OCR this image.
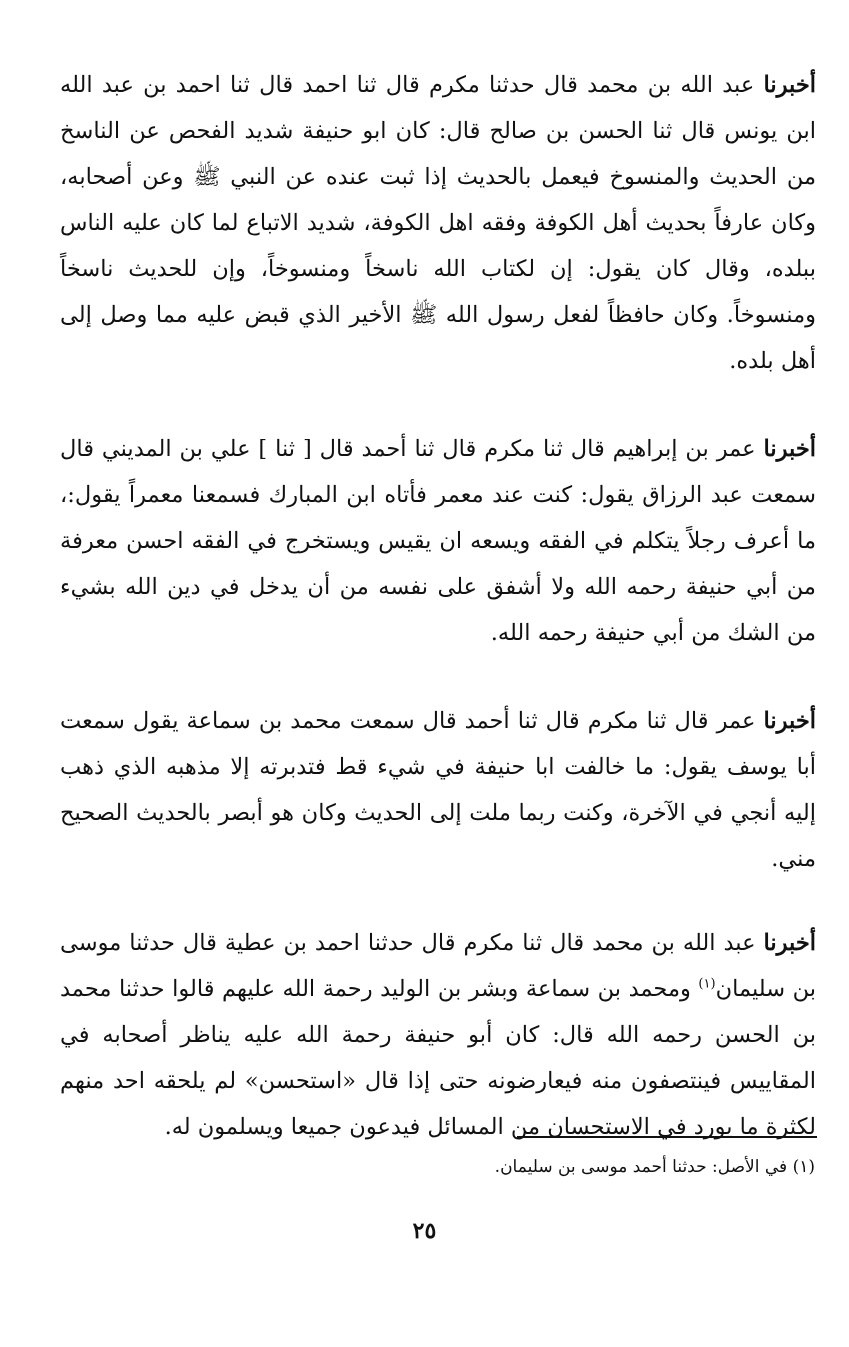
أخبرنا عبد الله بن محمد قال حدثنا مكرم قال ثنا احمد قال ثنا احمد بن عبد الله ابن يونس قال ثنا الحسن بن صالح قال: كان ابو حنيفة شديد الفحص عن الناسخ من الحديث والمنسوخ فيعمل بالحديث إذا ثبت عنده عن النبي ﷺ وعن أصحابه، وكان عارفاً بحديث أهل الكوفة وفقه اهل الكوفة، شديد الاتباع لما كان عليه الناس ببلده، وقال كان يقول: إن لكتاب الله ناسخاً ومنسوخاً، وإن للحديث ناسخاً ومنسوخاً. وكان حافظاً لفعل رسول الله ﷺ الأخير الذي قبض عليه مما وصل إلى أهل بلده.

أخبرنا عمر بن إبراهيم قال ثنا مكرم قال ثنا أحمد قال [ ثنا ] علي بن المديني قال سمعت عبد الرزاق يقول: كنت عند معمر فأتاه ابن المبارك فسمعنا معمراً يقول:، ما أعرف رجلاً يتكلم في الفقه ويسعه ان يقيس ويستخرج في الفقه احسن معرفة من أبي حنيفة رحمه الله ولا أشفق على نفسه من أن يدخل في دين الله بشيء من الشك من أبي حنيفة رحمه الله.

أخبرنا عمر قال ثنا مكرم قال ثنا أحمد قال سمعت محمد بن سماعة يقول سمعت أبا يوسف يقول: ما خالفت ابا حنيفة في شيء قط فتدبرته إلا مذهبه الذي ذهب إليه أنجي في الآخرة، وكنت ربما ملت إلى الحديث وكان هو أبصر بالحديث الصحيح مني.

أخبرنا عبد الله بن محمد قال ثنا مكرم قال حدثنا احمد بن عطية قال حدثنا موسى بن سليمان$^{(١)}$ ومحمد بن سماعة وبشر بن الوليد رحمة الله عليهم قالوا حدثنا محمد بن الحسن رحمه الله قال: كان أبو حنيفة رحمة الله عليه يناظر أصحابه في المقاييس فينتصفون منه فيعارضونه حتى إذا قال «استحسن» لم يلحقه احد منهم لكثرة ما يورد في الاستحسان من المسائل فيدعون جميعا ويسلمون له.

(١) في الأصل: حدثنا أحمد موسى بن سليمان.
٢٥
